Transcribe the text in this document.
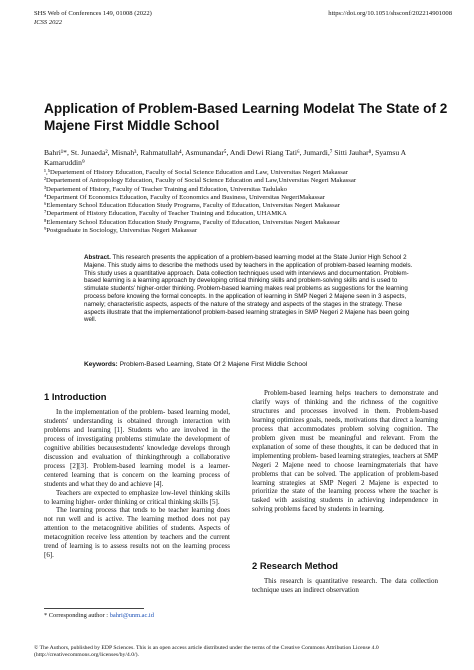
SHS Web of Conferences 149, 01008 (2022)
ICSS 2022
https://doi.org/10.1051/shsconf/202214901008
Application of Problem-Based Learning Modelat The State of 2 Majene First Middle School
Bahri¹*, St. Junaeda², Misnah³, Rahmatullah⁴, Asmunandar⁵, Andi Dewi Riang Tati⁶, Jumardi,⁷ Sitti Jauhar⁸, Syamsu A Kamaruddin⁹
¹,⁵Departement of History Education, Faculty of Social Science Education and Law, Universitas Negeri Makassar
²Departement of Antropology Education, Faculty of Social Science Education and Law,Universitas Negeri Makassar
³Departement of History, Faculty of Teacher Training and Education, Universitas Tadulako
⁴Department Of Economics Education, Faculty of Economics and Business, Universitas NegeriMakassar
⁶Elementary School Education Education Study Programs, Faculty of Education, Universitas Negeri Makassar
⁷Department of History Education, Faculty of Teacher Training and Education, UHAMKA
⁸Elementary School Education Education Study Programs, Faculty of Education, Universitas Negeri Makassar
⁹Postgraduate in Sociology, Universitas Negeri Makassar
Abstract. This research presents the application of a problem-based learning model at the State Junior High School 2 Majene. This study aims to describe the methods used by teachers in the application of problem-based learning models. This study uses a quantitative approach. Data collection techniques used with interviews and documentation. Problem-based learning is a learning approach by developing critical thinking skills and problem-solving skills and is used to stimulate students' higher-order thinking. Problem-based learning makes real problems as suggestions for the learning process before knowing the formal concepts. In the application of learning in SMP Negeri 2 Majene seen in 3 aspects, namely; characteristic aspects, aspects of the nature of the strategy and aspects of the stages in the strategy. These aspects illustrate that the implementationof problem-based learning strategies in SMP Negeri 2 Majene has been going well.
Keywords: Problem-Based Learning, State Of 2 Majene First Middle School
1 Introduction

In the implementation of the problem- based learning model, students' understanding is obtained through interaction with problems and learning [1]. Students who are involved in the process of investigating problems stimulate the development of cognitive abilities becausestudents' knowledge develops through discussion and evaluation of thinkingthrough a collaborative process [2][3]. Problem-based learning model is a learner- centered learning that is concern on the learning process of students and what they do and achieve [4].

Teachers are expected to emphasize low-level thinking skills to learning higher- order thinking or critical thinking skills [5].

The learning process that tends to be teacher learning does not run well and is active. The learning method does not pay attention to the metacognitive abilities of students. Aspects of metacognition receive less attention by teachers and the current trend of learning is to assess results not on the learning process [6].

Problem-based learning helps teachers to demonstrate and clarify ways of thinking and the richness of the cognitive structures and processes involved in them. Problem-based learning optimizes goals, needs, motivations that direct a learning process that accommodates problem solving cognition. The problem given must be meaningful and relevant. From the explanation of some of these thoughts, it can be deduced that in implementing problem- based learning strategies, teachers at SMP Negeri 2 Majene need to choose learningmaterials that have problems that can be solved. The application of problem-based learning strategies at SMP Negeri 2 Majene is expected to prioritize the state of the learning process where the teacher is tasked with assisting students in achieving independence in solving problems faced by students in learning.

2 Research Method

This research is quantitative research. The data collection technique uses an indirect observation

* Corresponding author : bahri@unm.ac.id
© The Authors, published by EDP Sciences. This is an open access article distributed under the terms of the Creative Commons Attribution License 4.0
(http://creativecommons.org/licenses/by/4.0/).
